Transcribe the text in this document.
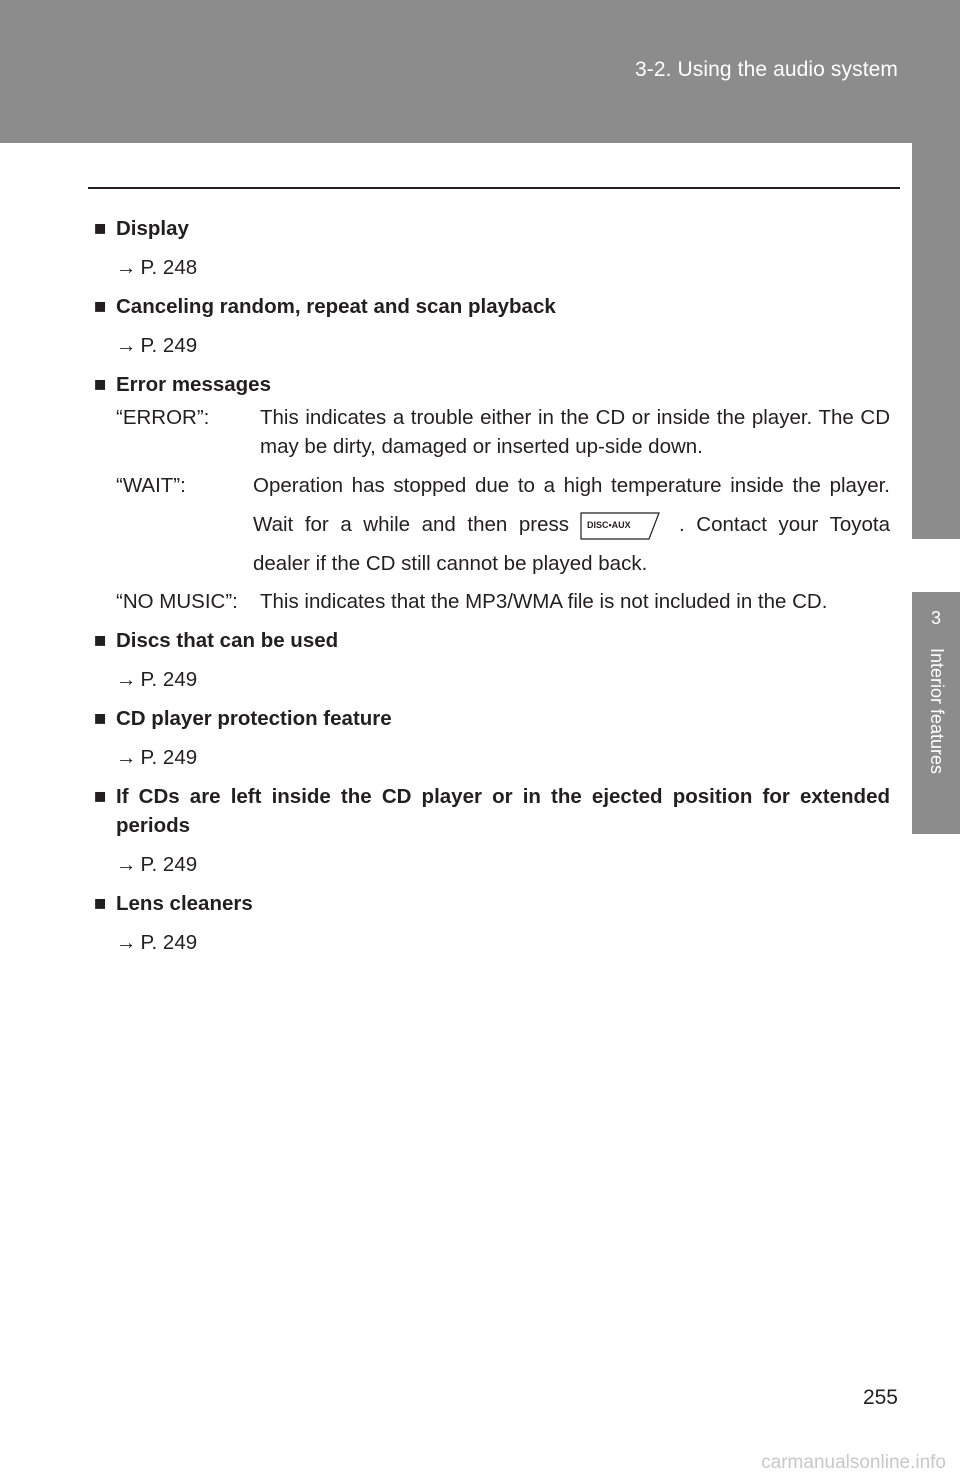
3-2. Using the audio system
3
Interior features

■ Display

→ P. 248

■ Canceling random, repeat and scan playback

→ P. 249

■ Error messages

“ERROR”:	This indicates a trouble either in the CD or inside the player. The CD may be dirty, damaged or inserted up-side down.
“WAIT”:	Operation has stopped due to a high temperature inside the player. Wait for a while and then press DISC•AUX . Contact your Toyota dealer if the CD still cannot be played back.
“NO MUSIC”:	This indicates that the MP3/WMA file is not included in the CD.

■ Discs that can be used

→ P. 249

■ CD player protection feature

→ P. 249

■ If CDs are left inside the CD player or in the ejected position for extended periods

→ P. 249

■ Lens cleaners

→ P. 249
255
carmanualsonline.info
